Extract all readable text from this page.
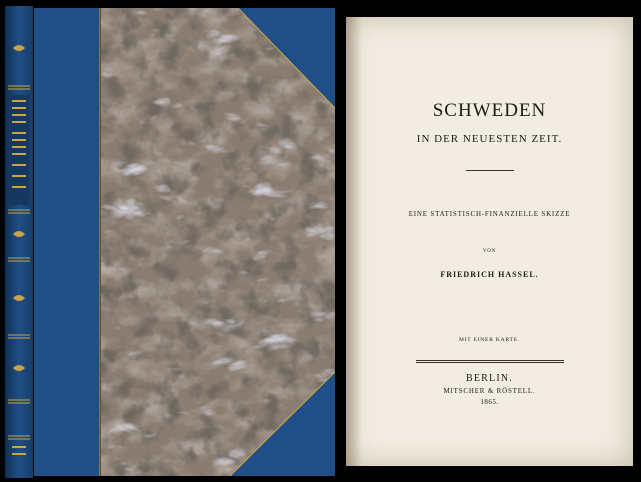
SCHWEDEN
IN DER NEUESTEN ZEIT.
EINE STATISTISCH-FINANZIELLE SKIZZE
VON
FRIEDRICH HASSEL.
MIT EINER KARTE.
BERLIN.
MITSCHER & RÖSTELL.
1865.
